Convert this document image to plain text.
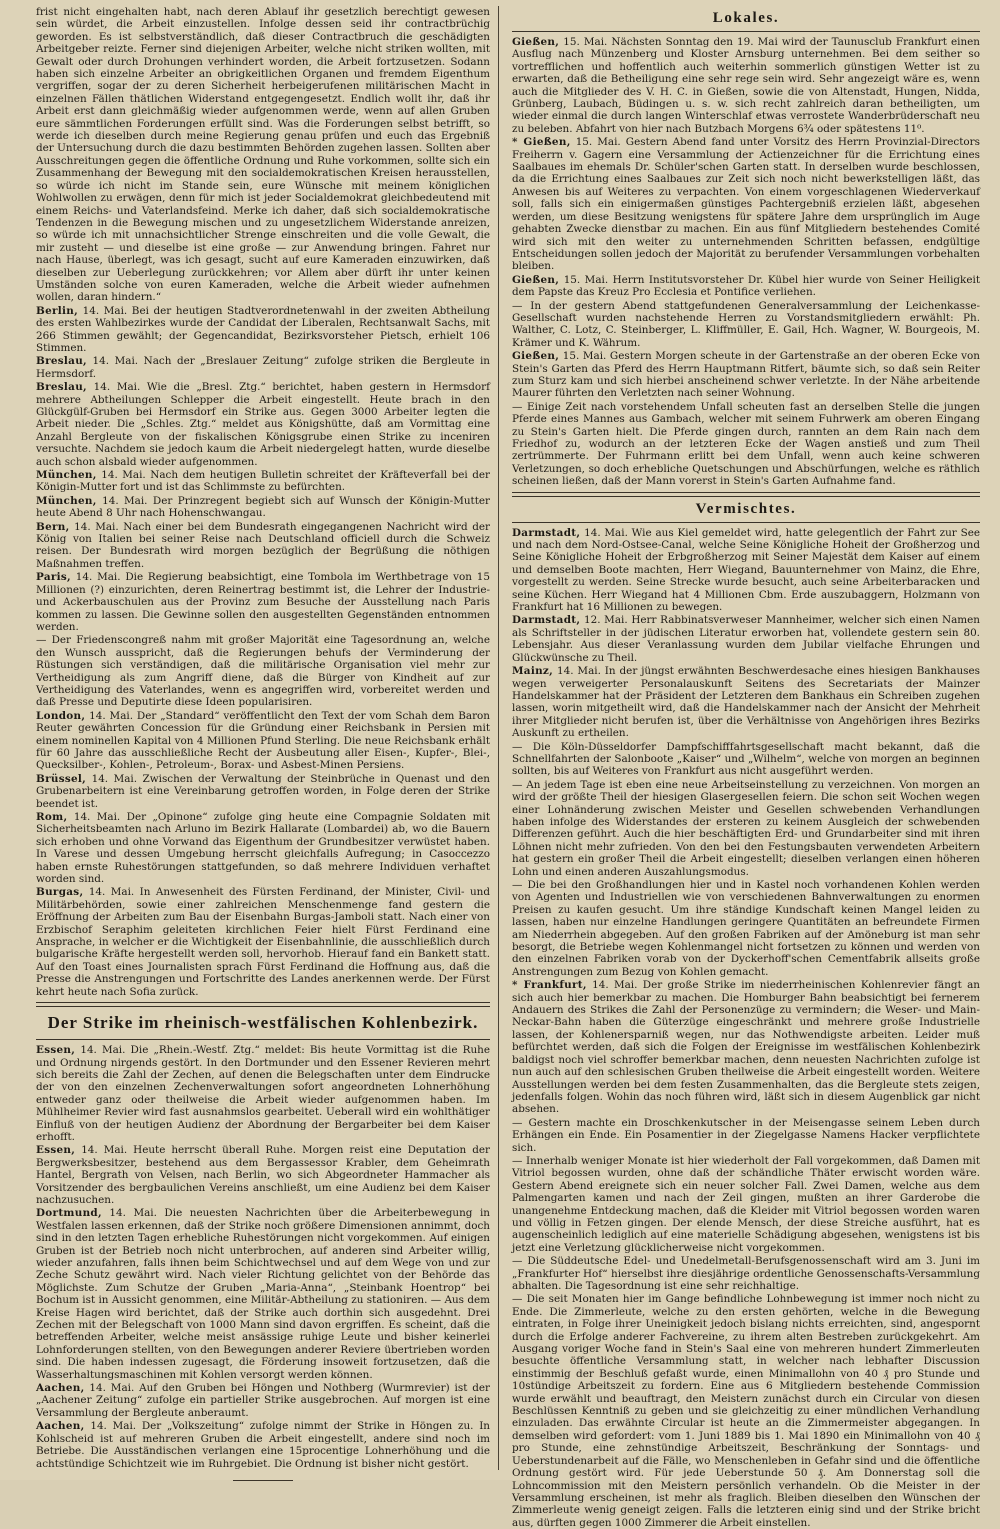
frist nicht eingehalten habt, nach deren Ablauf ihr gesetzlich berechtigt gewesen sein würdet, die Arbeit einzustellen. Infolge dessen seid ihr contractbrüchig geworden. Es ist selbstverständlich, daß dieser Contractbruch die geschädigten Arbeitgeber reizte. Ferner sind diejenigen Arbeiter, welche nicht striken wollten, mit Gewalt oder durch Drohungen verhindert worden, die Arbeit fortzusetzen. Sodann haben sich einzelne Arbeiter an obrigkeitlichen Organen und fremdem Eigenthum vergriffen, sogar der zu deren Sicherheit herbeigerufenen militärischen Macht in einzelnen Fällen thätlichen Widerstand entgegengesetzt. Endlich wollt ihr, daß ihr Arbeit erst dann gleichmäßig wieder aufgenommen werde, wenn auf allen Gruben eure sämmtlichen Forderungen erfüllt sind. Was die Forderungen selbst betrifft, so werde ich dieselben durch meine Regierung genau prüfen und euch das Ergebniß der Untersuchung durch die dazu bestimmten Behörden zugehen lassen. Sollten aber Ausschreitungen gegen die öffentliche Ordnung und Ruhe vorkommen, sollte sich ein Zusammenhang der Bewegung mit den socialdemokratischen Kreisen herausstellen, so würde ich nicht im Stande sein, eure Wünsche mit meinem königlichen Wohlwollen zu erwägen, denn für mich ist jeder Socialdemokrat gleichbedeutend mit einem Reichs- und Vaterlandsfeind. Merke ich daher, daß sich socialdemokratische Tendenzen in die Bewegung mischen und zu ungesetzlichem Widerstande anreizen, so würde ich mit unnachsichtlicher Strenge einschreiten und die volle Gewalt, die mir zusteht — und dieselbe ist eine große — zur Anwendung bringen. Fahret nur nach Hause, überlegt, was ich gesagt, sucht auf eure Kameraden einzuwirken, daß dieselben zur Ueberlegung zurückkehren; vor Allem aber dürft ihr unter keinen Umständen solche von euren Kameraden, welche die Arbeit wieder aufnehmen wollen, daran hindern.“

Berlin, 14. Mai. Bei der heutigen Stadtverordnetenwahl in der zweiten Abtheilung des ersten Wahlbezirkes wurde der Candidat der Liberalen, Rechtsanwalt Sachs, mit 266 Stimmen gewählt; der Gegencandidat, Bezirksvorsteher Pietsch, erhielt 106 Stimmen.

Breslau, 14. Mai. Nach der „Breslauer Zeitung“ zufolge striken die Bergleute in Hermsdorf.

Breslau, 14. Mai. Wie die „Bresl. Ztg.“ berichtet, haben gestern in Hermsdorf mehrere Abtheilungen Schlepper die Arbeit eingestellt. Heute brach in den Glückgülf-Gruben bei Hermsdorf ein Strike aus. Gegen 3000 Arbeiter legten die Arbeit nieder. Die „Schles. Ztg.“ meldet aus Königshütte, daß am Vormittag eine Anzahl Bergleute von der fiskalischen Königsgrube einen Strike zu inceniren versuchte. Nachdem sie jedoch kaum die Arbeit niedergelegt hatten, wurde dieselbe auch schon alsbald wieder aufgenommen.

München, 14. Mai. Nach dem heutigen Bulletin schreitet der Kräfteverfall bei der Königin-Mutter fort und ist das Schlimmste zu befürchten.

München, 14. Mai. Der Prinzregent begiebt sich auf Wunsch der Königin-Mutter heute Abend 8 Uhr nach Hohenschwangau.

Bern, 14. Mai. Nach einer bei dem Bundesrath eingegangenen Nachricht wird der König von Italien bei seiner Reise nach Deutschland officiell durch die Schweiz reisen. Der Bundesrath wird morgen bezüglich der Begrüßung die nöthigen Maßnahmen treffen.

Paris, 14. Mai. Die Regierung beabsichtigt, eine Tombola im Werthbetrage von 15 Millionen (?) einzurichten, deren Reinertrag bestimmt ist, die Lehrer der Industrie- und Ackerbauschulen aus der Provinz zum Besuche der Ausstellung nach Paris kommen zu lassen. Die Gewinne sollen den ausgestellten Gegenständen entnommen werden.

— Der Friedenscongreß nahm mit großer Majorität eine Tagesordnung an, welche den Wunsch ausspricht, daß die Regierungen behufs der Verminderung der Rüstungen sich verständigen, daß die militärische Organisation viel mehr zur Vertheidigung als zum Angriff diene, daß die Bürger von Kindheit auf zur Vertheidigung des Vaterlandes, wenn es angegriffen wird, vorbereitet werden und daß Presse und Deputirte diese Ideen popularisiren.

London, 14. Mai. Der „Standard“ veröffentlicht den Text der vom Schah dem Baron Reuter gewährten Concession für die Gründung einer Reichsbank in Persien mit einem nominellen Kapital von 4 Millionen Pfund Sterling. Die neue Reichsbank erhält für 60 Jahre das ausschließliche Recht der Ausbeutung aller Eisen-, Kupfer-, Blei-, Quecksilber-, Kohlen-, Petroleum-, Borax- und Asbest-Minen Persiens.

Brüssel, 14. Mai. Zwischen der Verwaltung der Steinbrüche in Quenast und den Grubenarbeitern ist eine Vereinbarung getroffen worden, in Folge deren der Strike beendet ist.

Rom, 14. Mai. Der „Opinone“ zufolge ging heute eine Compagnie Soldaten mit Sicherheitsbeamten nach Arluno im Bezirk Hallarate (Lombardei) ab, wo die Bauern sich erhoben und ohne Vorwand das Eigenthum der Grundbesitzer verwüstet haben. In Varese und dessen Umgebung herrscht gleichfalls Aufregung; in Casoccezzo haben ernste Ruhestörungen stattgefunden, so daß mehrere Individuen verhaftet worden sind.

Burgas, 14. Mai. In Anwesenheit des Fürsten Ferdinand, der Minister, Civil- und Militärbehörden, sowie einer zahlreichen Menschenmenge fand gestern die Eröffnung der Arbeiten zum Bau der Eisenbahn Burgas-Jamboli statt. Nach einer von Erzbischof Seraphim geleiteten kirchlichen Feier hielt Fürst Ferdinand eine Ansprache, in welcher er die Wichtigkeit der Eisenbahnlinie, die ausschließlich durch bulgarische Kräfte hergestellt werden soll, hervorhob. Hierauf fand ein Bankett statt. Auf den Toast eines Journalisten sprach Fürst Ferdinand die Hoffnung aus, daß die Presse die Anstrengungen und Fortschritte des Landes anerkennen werde. Der Fürst kehrt heute nach Sofia zurück.

Der Strike im rheinisch-westfälischen Kohlenbezirk.

Essen, 14. Mai. Die „Rhein.-Westf. Ztg.“ meldet: Bis heute Vormittag ist die Ruhe und Ordnung nirgends gestört. In den Dortmunder und den Essener Revieren mehrt sich bereits die Zahl der Zechen, auf denen die Belegschaften unter dem Eindrucke der von den einzelnen Zechenverwaltungen sofort angeordneten Lohnerhöhung entweder ganz oder theilweise die Arbeit wieder aufgenommen haben. Im Mühlheimer Revier wird fast ausnahmslos gearbeitet. Ueberall wird ein wohlthätiger Einfluß von der heutigen Audienz der Abordnung der Bergarbeiter bei dem Kaiser erhofft.

Essen, 14. Mai. Heute herrscht überall Ruhe. Morgen reist eine Deputation der Bergwerksbesitzer, bestehend aus dem Bergassessor Krabler, dem Geheimrath Hantel, Bergrath von Velsen, nach Berlin, wo sich Abgeordneter Hammacher als Vorsitzender des bergbaulichen Vereins anschließt, um eine Audienz bei dem Kaiser nachzusuchen.

Dortmund, 14. Mai. Die neuesten Nachrichten über die Arbeiterbewegung in Westfalen lassen erkennen, daß der Strike noch größere Dimensionen annimmt, doch sind in den letzten Tagen erhebliche Ruhestörungen nicht vorgekommen. Auf einigen Gruben ist der Betrieb noch nicht unterbrochen, auf anderen sind Arbeiter willig, wieder anzufahren, falls ihnen beim Schichtwechsel und auf dem Wege von und zur Zeche Schutz gewährt wird. Nach vieler Richtung gelichtet von der Behörde das Möglichste. Zum Schutze der Gruben „Maria-Anna“, „Steinbank Hoentrop“ bei Bochum ist in Aussicht genommen, eine Militär-Abtheilung zu stationiren. — Aus dem Kreise Hagen wird berichtet, daß der Strike auch dorthin sich ausgedehnt. Drei Zechen mit der Belegschaft von 1000 Mann sind davon ergriffen. Es scheint, daß die betreffenden Arbeiter, welche meist ansässige ruhige Leute und bisher keinerlei Lohnforderungen stellten, von den Bewegungen anderer Reviere übertrieben worden sind. Die haben indessen zugesagt, die Förderung insoweit fortzusetzen, daß die Wasserhaltungsmaschinen mit Kohlen versorgt werden können.

Aachen, 14. Mai. Auf den Gruben bei Höngen und Nothberg (Wurmrevier) ist der „Aachener Zeitung“ zufolge ein partieller Strike ausgebrochen. Auf morgen ist eine Versammlung der Bergleute anberaumt.

Aachen, 14. Mai. Der „Volkszeitung“ zufolge nimmt der Strike in Höngen zu. In Kohlscheid ist auf mehreren Gruben die Arbeit eingestellt, andere sind noch im Betriebe. Die Ausständischen verlangen eine 15procentige Lohnerhöhung und die achtstündige Schichtzeit wie im Ruhrgebiet. Die Ordnung ist bisher nicht gestört.

Lokales.

Gießen, 15. Mai. Nächsten Sonntag den 19. Mai wird der Taunusclub Frankfurt einen Ausflug nach Münzenberg und Kloster Arnsburg unternehmen. Bei dem seither so vortrefflichen und hoffentlich auch weiterhin sommerlich günstigen Wetter ist zu erwarten, daß die Betheiligung eine sehr rege sein wird. Sehr angezeigt wäre es, wenn auch die Mitglieder des V. H. C. in Gießen, sowie die von Altenstadt, Hungen, Nidda, Grünberg, Laubach, Büdingen u. s. w. sich recht zahlreich daran betheiligten, um wieder einmal die durch langen Winterschlaf etwas verrostete Wanderbrüderschaft neu zu beleben. Abfahrt von hier nach Butzbach Morgens 6¾ oder spätestens 11⁰.

* Gießen, 15. Mai. Gestern Abend fand unter Vorsitz des Herrn Provinzial-Directors Freiherrn v. Gagern eine Versammlung der Actienzeichner für die Errichtung eines Saalbaues im ehemals Dr. Schüler'schen Garten statt. In derselben wurde beschlossen, da die Errichtung eines Saalbaues zur Zeit sich noch nicht bewerkstelligen läßt, das Anwesen bis auf Weiteres zu verpachten. Von einem vorgeschlagenen Wiederverkauf soll, falls sich ein einigermaßen günstiges Pachtergebniß erzielen läßt, abgesehen werden, um diese Besitzung wenigstens für spätere Jahre dem ursprünglich im Auge gehabten Zwecke dienstbar zu machen. Ein aus fünf Mitgliedern bestehendes Comité wird sich mit den weiter zu unternehmenden Schritten befassen, endgültige Entscheidungen sollen jedoch der Majorität zu berufender Versammlungen vorbehalten bleiben.

Gießen, 15. Mai. Herrn Institutsvorsteher Dr. Kübel hier wurde von Seiner Heiligkeit dem Papste das Kreuz Pro Ecclesia et Pontifice verliehen.

— In der gestern Abend stattgefundenen Generalversammlung der Leichenkasse-Gesellschaft wurden nachstehende Herren zu Vorstandsmitgliedern erwählt: Ph. Walther, C. Lotz, C. Steinberger, L. Kliffmüller, E. Gail, Hch. Wagner, W. Bourgeois, M. Krämer und K. Währum.

Gießen, 15. Mai. Gestern Morgen scheute in der Gartenstraße an der oberen Ecke von Stein's Garten das Pferd des Herrn Hauptmann Ritfert, bäumte sich, so daß sein Reiter zum Sturz kam und sich hierbei anscheinend schwer verletzte. In der Nähe arbeitende Maurer führten den Verletzten nach seiner Wohnung.

— Einige Zeit nach vorstehendem Unfall scheuten fast an derselben Stelle die jungen Pferde eines Mannes aus Gambach, welcher mit seinem Fuhrwerk am oberen Eingang zu Stein's Garten hielt. Die Pferde gingen durch, rannten an dem Rain nach dem Friedhof zu, wodurch an der letzteren Ecke der Wagen anstieß und zum Theil zertrümmerte. Der Fuhrmann erlitt bei dem Unfall, wenn auch keine schweren Verletzungen, so doch erhebliche Quetschungen und Abschürfungen, welche es räthlich scheinen ließen, daß der Mann vorerst in Stein's Garten Aufnahme fand.

Vermischtes.

Darmstadt, 14. Mai. Wie aus Kiel gemeldet wird, hatte gelegentlich der Fahrt zur See und nach dem Nord-Ostsee-Canal, welche Seine Königliche Hoheit der Großherzog und Seine Königliche Hoheit der Erbgroßherzog mit Seiner Majestät dem Kaiser auf einem und demselben Boote machten, Herr Wiegand, Bauunternehmer von Mainz, die Ehre, vorgestellt zu werden. Seine Strecke wurde besucht, auch seine Arbeiterbaracken und seine Küchen. Herr Wiegand hat 4 Millionen Cbm. Erde auszubaggern, Holzmann von Frankfurt hat 16 Millionen zu bewegen.

Darmstadt, 12. Mai. Herr Rabbinatsverweser Mannheimer, welcher sich einen Namen als Schriftsteller in der jüdischen Literatur erworben hat, vollendete gestern sein 80. Lebensjahr. Aus dieser Veranlassung wurden dem Jubilar vielfache Ehrungen und Glückwünsche zu Theil.

Mainz, 14. Mai. In der jüngst erwähnten Beschwerdesache eines hiesigen Bankhauses wegen verweigerter Personalauskunft Seitens des Secretariats der Mainzer Handelskammer hat der Präsident der Letzteren dem Bankhaus ein Schreiben zugehen lassen, worin mitgetheilt wird, daß die Handelskammer nach der Ansicht der Mehrheit ihrer Mitglieder nicht berufen ist, über die Verhältnisse von Angehörigen ihres Bezirks Auskunft zu ertheilen.

— Die Köln-Düsseldorfer Dampfschifffahrtsgesellschaft macht bekannt, daß die Schnellfahrten der Salonboote „Kaiser“ und „Wilhelm“, welche von morgen an beginnen sollten, bis auf Weiteres von Frankfurt aus nicht ausgeführt werden.

— An jedem Tage ist eben eine neue Arbeitseinstellung zu verzeichnen. Von morgen an wird der größte Theil der hiesigen Glasergesellen feiern. Die schon seit Wochen wegen einer Lohnänderung zwischen Meister und Gesellen schwebenden Verhandlungen haben infolge des Widerstandes der ersteren zu keinem Ausgleich der schwebenden Differenzen geführt. Auch die hier beschäftigten Erd- und Grundarbeiter sind mit ihren Löhnen nicht mehr zufrieden. Von den bei den Festungsbauten verwendeten Arbeitern hat gestern ein großer Theil die Arbeit eingestellt; dieselben verlangen einen höheren Lohn und einen anderen Auszahlungsmodus.

— Die bei den Großhandlungen hier und in Kastel noch vorhandenen Kohlen werden von Agenten und Industriellen wie von verschiedenen Bahnverwaltungen zu enormen Preisen zu kaufen gesucht. Um ihre ständige Kundschaft keinen Mangel leiden zu lassen, haben nur einzelne Handlungen geringere Quantitäten an befreundete Firmen am Niederrhein abgegeben. Auf den großen Fabriken auf der Amöneburg ist man sehr besorgt, die Betriebe wegen Kohlenmangel nicht fortsetzen zu können und werden von den einzelnen Fabriken vorab von der Dyckerhoff'schen Cementfabrik allseits große Anstrengungen zum Bezug von Kohlen gemacht.

* Frankfurt, 14. Mai. Der große Strike im niederrheinischen Kohlenrevier fängt an sich auch hier bemerkbar zu machen. Die Homburger Bahn beabsichtigt bei fernerem Andauern des Strikes die Zahl der Personenzüge zu vermindern; die Weser- und Main-Neckar-Bahn haben die Güterzüge eingeschränkt und mehrere große Industrielle lassen, der Kohlenersparniß wegen, nur das Nothwendigste arbeiten. Leider muß befürchtet werden, daß sich die Folgen der Ereignisse im westfälischen Kohlenbezirk baldigst noch viel schroffer bemerkbar machen, denn neuesten Nachrichten zufolge ist nun auch auf den schlesischen Gruben theilweise die Arbeit eingestellt worden. Weitere Ausstellungen werden bei dem festen Zusammenhalten, das die Bergleute stets zeigen, jedenfalls folgen. Wohin das noch führen wird, läßt sich in diesem Augenblick gar nicht absehen.

— Gestern machte ein Droschkenkutscher in der Meisengasse seinem Leben durch Erhängen ein Ende. Ein Posamentier in der Ziegelgasse Namens Hacker verpflichtete sich.

— Innerhalb weniger Monate ist hier wiederholt der Fall vorgekommen, daß Damen mit Vitriol begossen wurden, ohne daß der schändliche Thäter erwischt worden wäre. Gestern Abend ereignete sich ein neuer solcher Fall. Zwei Damen, welche aus dem Palmengarten kamen und nach der Zeil gingen, mußten an ihrer Garderobe die unangenehme Entdeckung machen, daß die Kleider mit Vitriol begossen worden waren und völlig in Fetzen gingen. Der elende Mensch, der diese Streiche ausführt, hat es augenscheinlich lediglich auf eine materielle Schädigung abgesehen, wenigstens ist bis jetzt eine Verletzung glücklicherweise nicht vorgekommen.

— Die Süddeutsche Edel- und Unedelmetall-Berufsgenossenschaft wird am 3. Juni im „Frankfurter Hof“ hierselbst ihre diesjährige ordentliche Genossenschafts-Versammlung abhalten. Die Tagesordnung ist eine sehr reichhaltige.

— Die seit Monaten hier im Gange befindliche Lohnbewegung ist immer noch nicht zu Ende. Die Zimmerleute, welche zu den ersten gehörten, welche in die Bewegung eintraten, in Folge ihrer Uneinigkeit jedoch bislang nichts erreichten, sind, angespornt durch die Erfolge anderer Fachvereine, zu ihrem alten Bestreben zurückgekehrt. Am Ausgang voriger Woche fand in Stein's Saal eine von mehreren hundert Zimmerleuten besuchte öffentliche Versammlung statt, in welcher nach lebhafter Discussion einstimmig der Beschluß gefaßt wurde, einen Minimallohn von 40 ₰ pro Stunde und 10stündige Arbeitszeit zu fordern. Eine aus 6 Mitgliedern bestehende Commission wurde erwählt und beauftragt, den Meistern zunächst durch ein Circular von diesen Beschlüssen Kenntniß zu geben und sie gleichzeitig zu einer mündlichen Verhandlung einzuladen. Das erwähnte Circular ist heute an die Zimmermeister abgegangen. In demselben wird gefordert: vom 1. Juni 1889 bis 1. Mai 1890 ein Minimallohn von 40 ₰ pro Stunde, eine zehnstündige Arbeitszeit, Beschränkung der Sonntags- und Ueberstundenarbeit auf die Fälle, wo Menschenleben in Gefahr sind und die öffentliche Ordnung gestört wird. Für jede Ueberstunde 50 ₰. Am Donnerstag soll die Lohncommission mit den Meistern persönlich verhandeln. Ob die Meister in der Versammlung erscheinen, ist mehr als fraglich. Bleiben dieselben den Wünschen der Zimmerleute wenig geneigt zeigen. Falls die letzteren einig sind und der Strike bricht aus, dürften gegen 1000 Zimmerer die Arbeit einstellen.
